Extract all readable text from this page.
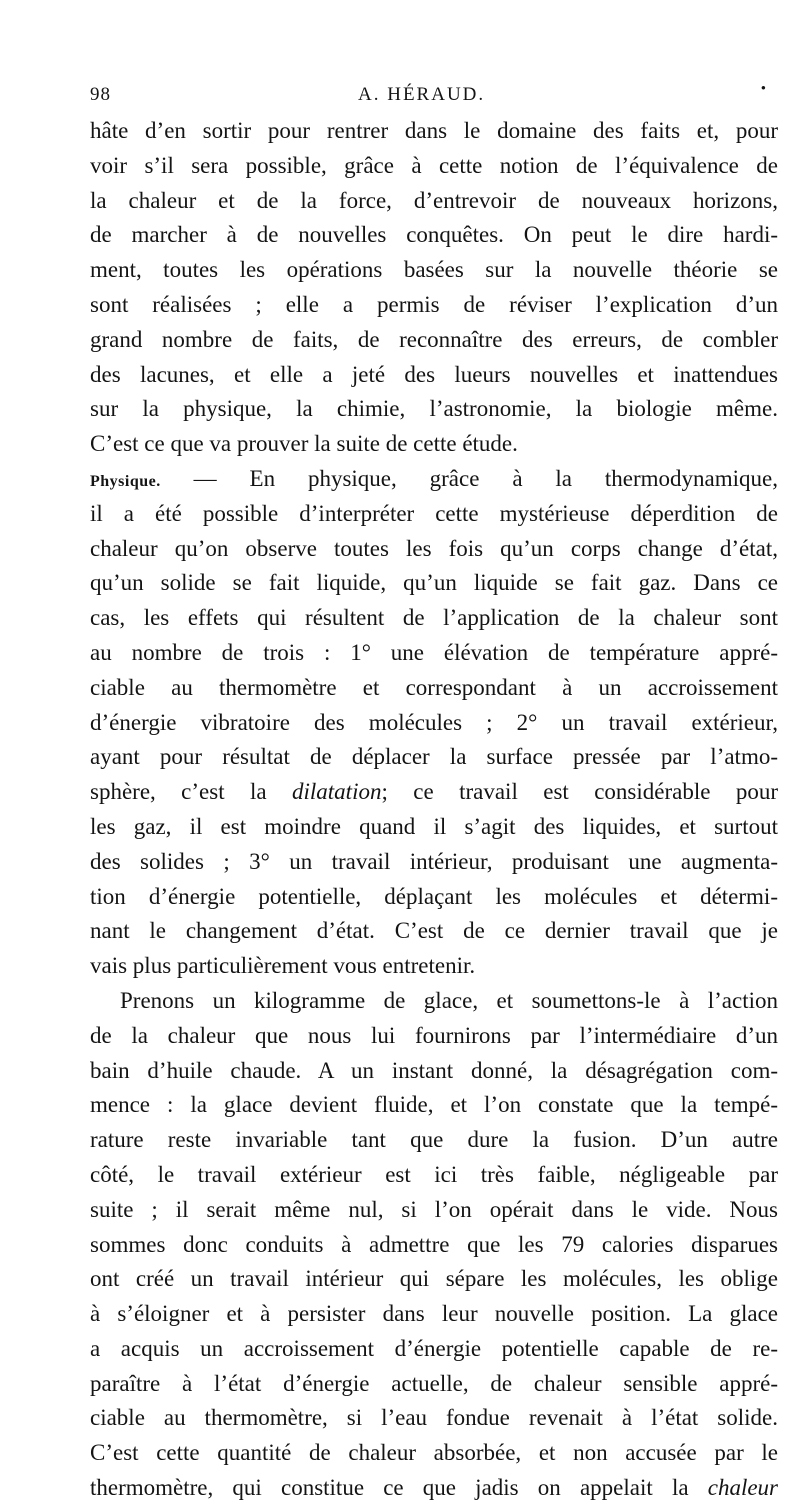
98	A. HÉRAUD.	•
hâte d’en sortir pour rentrer dans le domaine des faits et, pour
voir s’il sera possible, grâce à cette notion de l’équivalence de
la chaleur et de la force, d’entrevoir de nouveaux horizons,
de marcher à de nouvelles conquêtes. On peut le dire hardi-
ment, toutes les opérations basées sur la nouvelle théorie se
sont réalisées ; elle a permis de réviser l’explication d’un
grand nombre de faits, de reconnaître des erreurs, de combler
des lacunes, et elle a jeté des lueurs nouvelles et inattendues
sur la physique, la chimie, l’astronomie, la biologie même.
C’est ce que va prouver la suite de cette étude.
Physique. — En physique, grâce à la thermodynamique,
il a été possible d’interpréter cette mystérieuse déperdition de
chaleur qu’on observe toutes les fois qu’un corps change d’état,
qu’un solide se fait liquide, qu’un liquide se fait gaz. Dans ce
cas, les effets qui résultent de l’application de la chaleur sont
au nombre de trois : 1° une élévation de température appré-
ciable au thermomètre et correspondant à un accroissement
d’énergie vibratoire des molécules ; 2° un travail extérieur,
ayant pour résultat de déplacer la surface pressée par l’atmo-
sphère, c’est la dilatation; ce travail est considérable pour
les gaz, il est moindre quand il s’agit des liquides, et surtout
des solides ; 3° un travail intérieur, produisant une augmenta-
tion d’énergie potentielle, déplaçant les molécules et détermi-
nant le changement d’état. C’est de ce dernier travail que je
vais plus particulièrement vous entretenir.
Prenons un kilogramme de glace, et soumettons-le à l’action
de la chaleur que nous lui fournirons par l’intermédiaire d’un
bain d’huile chaude. A un instant donné, la désagrégation com-
mence : la glace devient fluide, et l’on constate que la tempé-
rature reste invariable tant que dure la fusion. D’un autre
côté, le travail extérieur est ici très faible, négligeable par
suite ; il serait même nul, si l’on opérait dans le vide. Nous
sommes donc conduits à admettre que les 79 calories disparues
ont créé un travail intérieur qui sépare les molécules, les oblige
à s’éloigner et à persister dans leur nouvelle position. La glace
a acquis un accroissement d’énergie potentielle capable de re-
paraître à l’état d’énergie actuelle, de chaleur sensible appré-
ciable au thermomètre, si l’eau fondue revenait à l’état solide.
C’est cette quantité de chaleur absorbée, et non accusée par le
thermomètre, qui constitue ce que jadis on appelait la chaleur
